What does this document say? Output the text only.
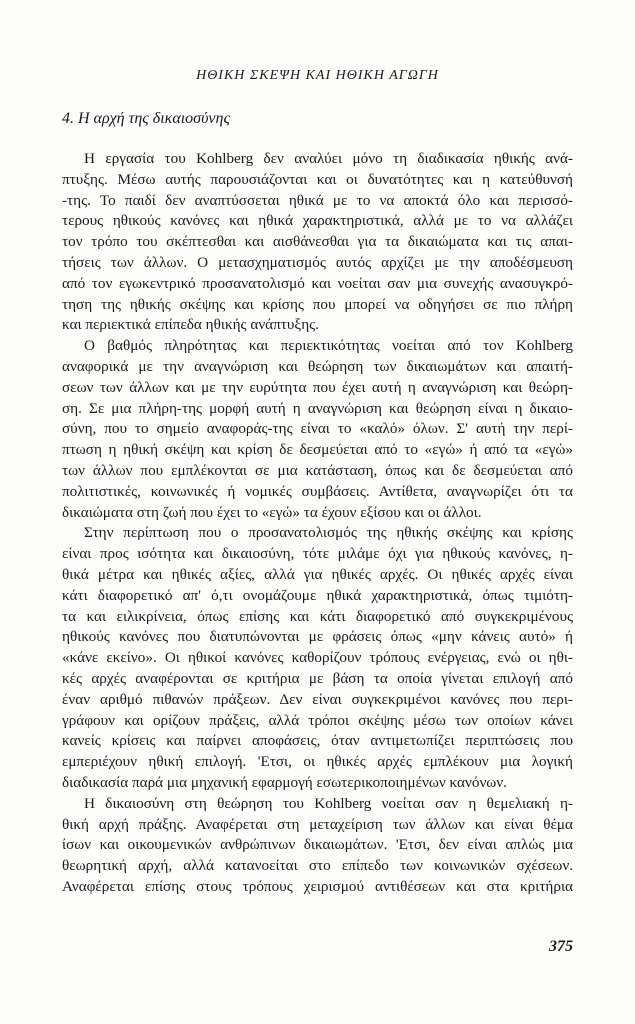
ΗΘΙΚΗ ΣΚΕΨΗ ΚΑΙ ΗΘΙΚΗ ΑΓΩΓΗ
4. Η αρχή της δικαιοσύνης
Η εργασία του Kohlberg δεν αναλύει μόνο τη διαδικασία ηθικής ανά-
πτυξης. Μέσω αυτής παρουσιάζονται και οι δυνατότητες και η κατεύθυνσή
-της. Το παιδί δεν αναπτύσσεται ηθικά με το να αποκτά όλο και περισσό-
τερους ηθικούς κανόνες και ηθικά χαρακτηριστικά, αλλά με το να αλλάζει
τον τρόπο του σκέπτεσθαι και αισθάνεσθαι για τα δικαιώματα και τις απαι-
τήσεις των άλλων. Ο μετασχηματισμός αυτός αρχίζει με την αποδέσμευση
από τον εγωκεντρικό προσανατολισμό και νοείται σαν μια συνεχής ανασυγκρό-
τηση της ηθικής σκέψης και κρίσης που μπορεί να οδηγήσει σε πιο πλήρη
και περιεκτικά επίπεδα ηθικής ανάπτυξης.
Ο βαθμός πληρότητας και περιεκτικότητας νοείται από τον Kohlberg
αναφορικά με την αναγνώριση και θεώρηση των δικαιωμάτων και απαιτή-
σεων των άλλων και με την ευρύτητα που έχει αυτή η αναγνώριση και θεώρη-
ση. Σε μια πλήρη-της μορφή αυτή η αναγνώριση και θεώρηση είναι η δικαιο-
σύνη, που το σημείο αναφοράς-της είναι το «καλό» όλων. Σ' αυτή την περί-
πτωση η ηθική σκέψη και κρίση δε δεσμεύεται από το «εγώ» ή από τα «εγώ»
των άλλων που εμπλέκονται σε μια κατάσταση, όπως και δε δεσμεύεται από
πολιτιστικές, κοινωνικές ή νομικές συμβάσεις. Αντίθετα, αναγνωρίζει ότι τα
δικαιώματα στη ζωή που έχει το «εγώ» τα έχουν εξίσου και οι άλλοι.
Στην περίπτωση που ο προσανατολισμός της ηθικής σκέψης και κρίσης
είναι προς ισότητα και δικαιοσύνη, τότε μιλάμε όχι για ηθικούς κανόνες, η-
θικά μέτρα και ηθικές αξίες, αλλά για ηθικές αρχές. Οι ηθικές αρχές είναι
κάτι διαφορετικό απ' ό,τι ονομάζουμε ηθικά χαρακτηριστικά, όπως τιμιότη-
τα και ειλικρίνεια, όπως επίσης και κάτι διαφορετικό από συγκεκριμένους
ηθικούς κανόνες που διατυπώνονται με φράσεις όπως «μην κάνεις αυτό» ή
«κάνε εκείνο». Οι ηθικοί κανόνες καθορίζουν τρόπους ενέργειας, ενώ οι ηθι-
κές αρχές αναφέρονται σε κριτήρια με βάση τα οποία γίνεται επιλογή από
έναν αριθμό πιθανών πράξεων. Δεν είναι συγκεκριμένοι κανόνες που περι-
γράφουν και ορίζουν πράξεις, αλλά τρόποι σκέψης μέσω των οποίων κάνει
κανείς κρίσεις και παίρνει αποφάσεις, όταν αντιμετωπίζει περιπτώσεις που
εμπεριέχουν ηθική επιλογή. 'Ετσι, οι ηθικές αρχές εμπλέκουν μια λογική
διαδικασία παρά μια μηχανική εφαρμογή εσωτερικοποιημένων κανόνων.
Η δικαιοσύνη στη θεώρηση του Kohlberg νοείται σαν η θεμελιακή η-
θική αρχή πράξης. Αναφέρεται στη μεταχείριση των άλλων και είναι θέμα
ίσων και οικουμενικών ανθρώπινων δικαιωμάτων. 'Ετσι, δεν είναι απλώς μια
θεωρητική αρχή, αλλά κατανοείται στο επίπεδο των κοινωνικών σχέσεων.
Αναφέρεται επίσης στους τρόπους χειρισμού αντιθέσεων και στα κριτήρια
375
